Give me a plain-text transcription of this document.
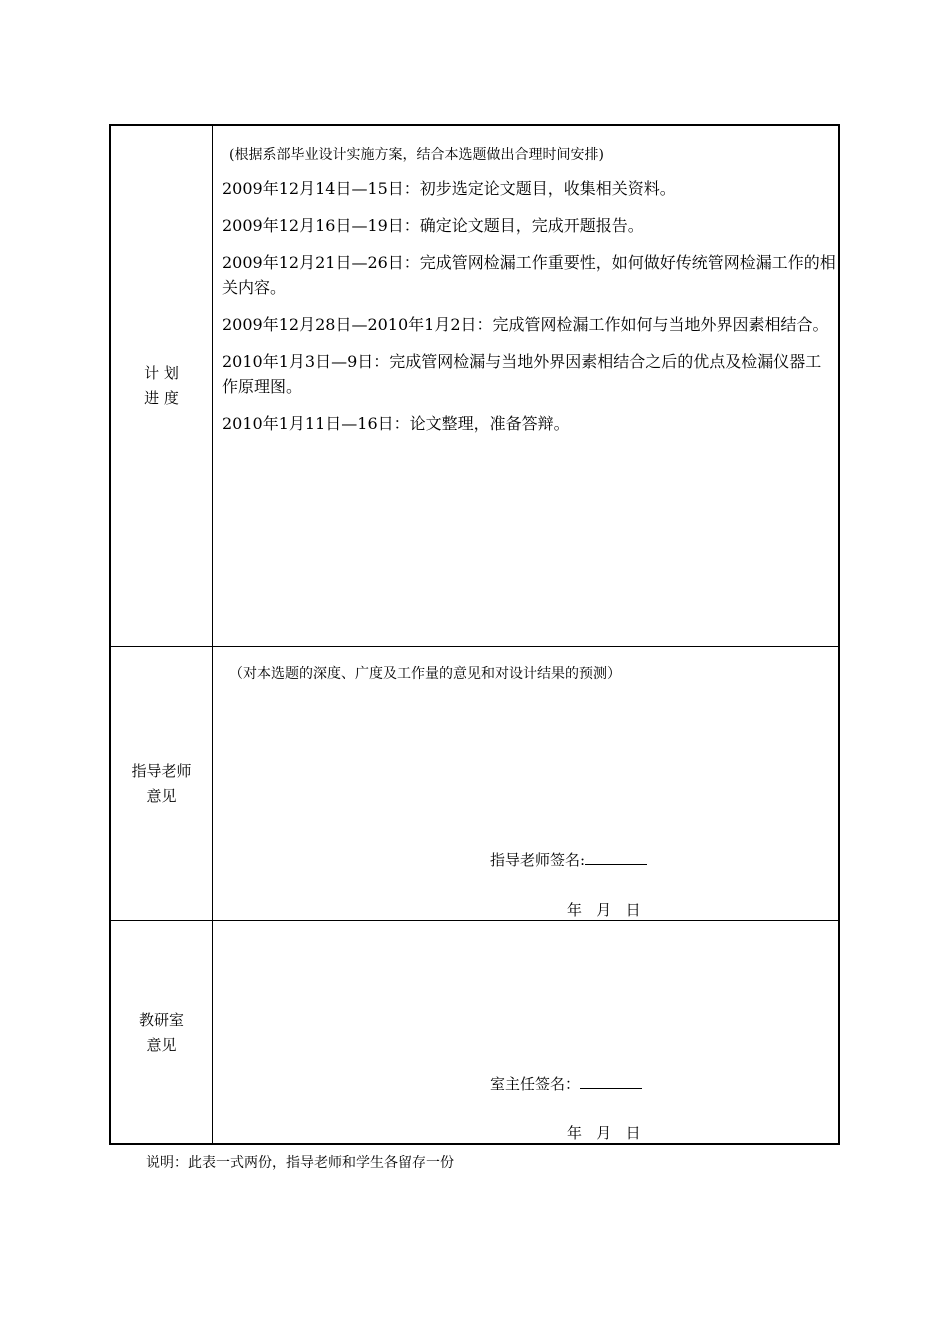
计 划
进 度
(根据系部毕业设计实施方案，结合本选题做出合理时间安排)
2009年12月14日—15日：初步选定论文题目，收集相关资料。
2009年12月16日—19日：确定论文题目，完成开题报告。
2009年12月21日—26日：完成管网检漏工作重要性，如何做好传统管网检漏工作的相关内容。
2009年12月28日—2010年1月2日：完成管网检漏工作如何与当地外界因素相结合。
2010年1月3日—9日：完成管网检漏与当地外界因素相结合之后的优点及检漏仪器工作原理图。
2010年1月11日—16日：论文整理，准备答辩。
指导老师
意见
（对本选题的深度、广度及工作量的意见和对设计结果的预测）
指导老师签名:
年   月   日
教研室
意见
室主任签名：
年   月   日
说明：此表一式两份，指导老师和学生各留存一份
